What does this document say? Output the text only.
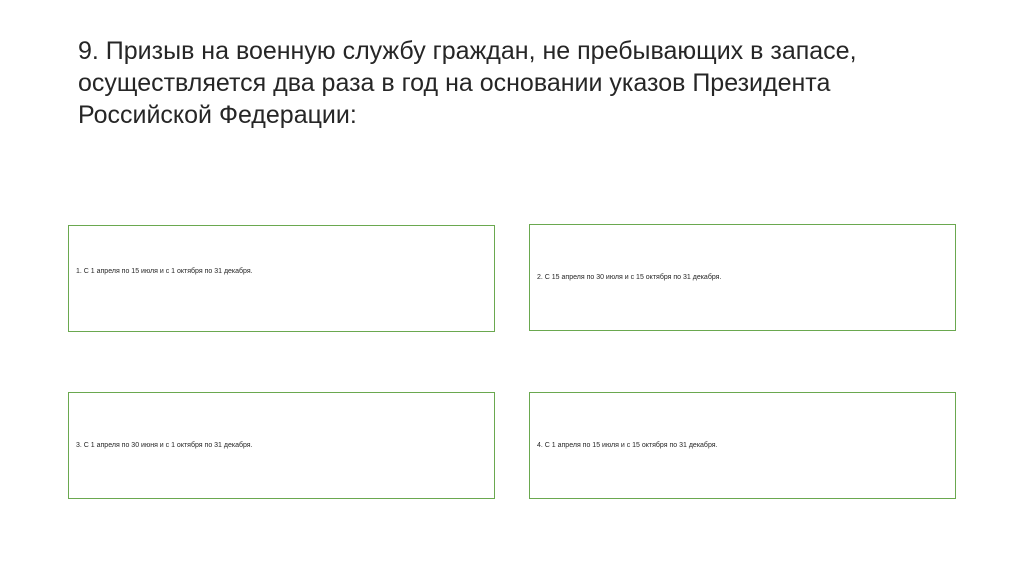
9. Призыв на военную службу граждан, не пребывающих в запасе,
осуществляется два раза в год на основании указов Президента
Российской Федерации:
1. С 1 апреля по 15 июля и с 1 октября по 31 декабря.
2. С 15 апреля по 30 июля и с 15 октября по 31 декабря.
3. С 1 апреля по 30 июня и с 1 октября по 31 декабря.	4. С 1 апреля по 15 июля и с 15 октября по 31 декабря.
